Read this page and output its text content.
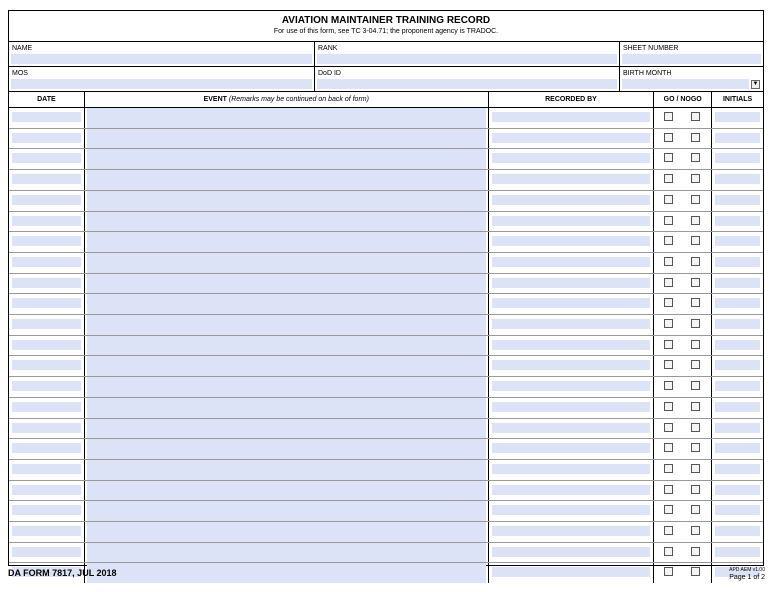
AVIATION MAINTAINER TRAINING RECORD
For use of this form, see TC 3-04.71; the proponent agency is TRADOC.
NAME	RANK	SHEET NUMBER
MOS	DoD ID	BIRTH MONTH
▼
DATE	EVENT (Remarks may be continued on back of form)	RECORDED BY	GO / NOGO	INITIALS
DA FORM 7817, JUL 2018	APD AEM v1.00
Page 1 of 2
